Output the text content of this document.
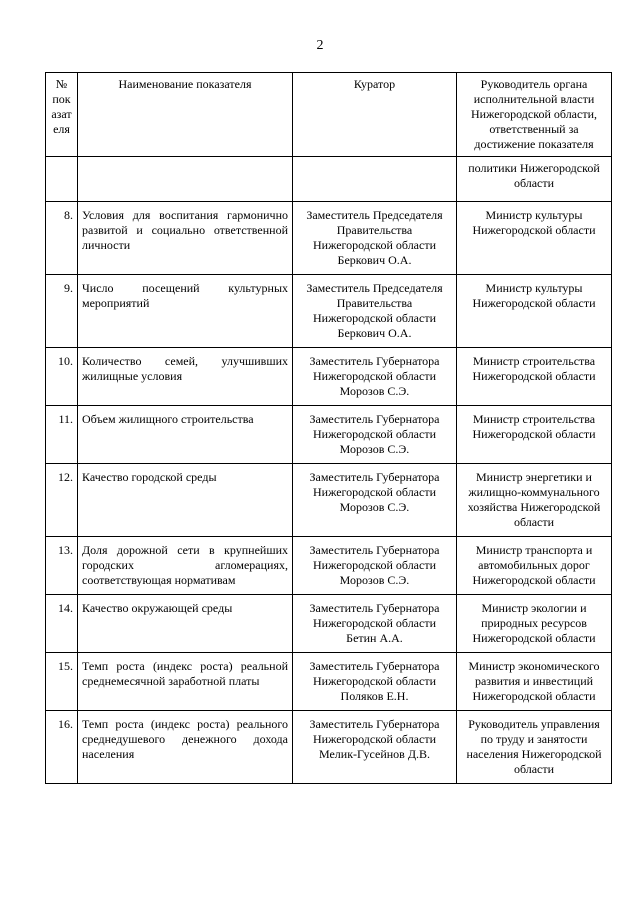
2
№ пок азат еля	Наименование показателя	Куратор	Руководитель органа исполнительной власти Нижегородской области, ответственный за достижение показателя
			политики Нижегородской области
8.	Условия для воспитания гармонично развитой и социально ответственной личности	Заместитель Председателя Правительства Нижегородской области Беркович О.А.	Министр культуры Нижегородской области
9.	Число посещений культурных мероприятий	Заместитель Председателя Правительства Нижегородской области Беркович О.А.	Министр культуры Нижегородской области
10.	Количество семей, улучшивших жилищные условия	Заместитель Губернатора Нижегородской области Морозов С.Э.	Министр строительства Нижегородской области
11.	Объем жилищного строительства	Заместитель Губернатора Нижегородской области Морозов С.Э.	Министр строительства Нижегородской области
12.	Качество городской среды	Заместитель Губернатора Нижегородской области Морозов С.Э.	Министр энергетики и жилищно-коммунального хозяйства Нижегородской области
13.	Доля дорожной сети в крупнейших городских агломерациях, соответствующая нормативам	Заместитель Губернатора Нижегородской области Морозов С.Э.	Министр транспорта и автомобильных дорог Нижегородской области
14.	Качество окружающей среды	Заместитель Губернатора Нижегородской области Бетин А.А.	Министр экологии и природных ресурсов Нижегородской области
15.	Темп роста (индекс роста) реальной среднемесячной заработной платы	Заместитель Губернатора Нижегородской области Поляков Е.Н.	Министр экономического развития и инвестиций Нижегородской области
16.	Темп роста (индекс роста) реального среднедушевого денежного дохода населения	Заместитель Губернатора Нижегородской области Мелик-Гусейнов Д.В.	Руководитель управления по труду и занятости населения Нижегородской области
